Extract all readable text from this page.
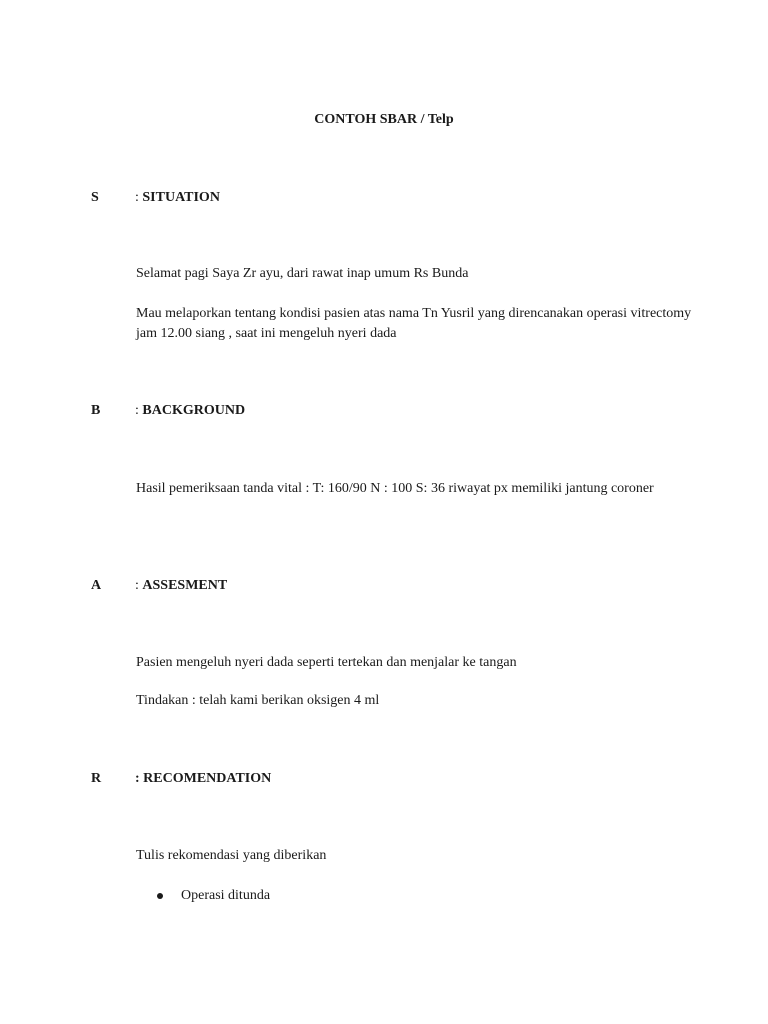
CONTOH SBAR / Telp
S	: SITUATION
Selamat pagi Saya Zr ayu, dari rawat inap umum Rs Bunda
Mau melaporkan tentang kondisi pasien atas nama Tn Yusril yang direncanakan operasi vitrectomy jam 12.00 siang , saat ini mengeluh nyeri dada
B : BACKGROUND
Hasil pemeriksaan tanda vital : T: 160/90 N : 100 S: 36 riwayat px memiliki jantung coroner
A : ASSESMENT
Pasien mengeluh nyeri dada seperti tertekan dan menjalar ke tangan
Tindakan : telah kami berikan oksigen 4 ml
R : RECOMENDATION
Tulis rekomendasi yang diberikan
Operasi ditunda
